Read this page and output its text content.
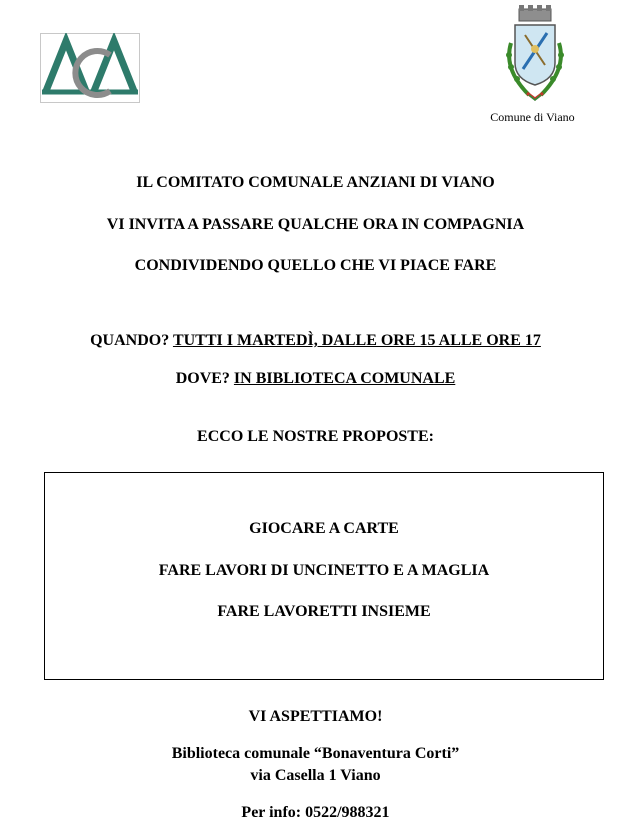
Comune di Viano
IL COMITATO COMUNALE ANZIANI DI VIANO
VI INVITA A PASSARE QUALCHE ORA IN COMPAGNIA
CONDIVIDENDO QUELLO CHE VI PIACE FARE
QUANDO? TUTTI I MARTEDÌ, DALLE ORE 15 ALLE ORE 17
DOVE? IN BIBLIOTECA COMUNALE
ECCO LE NOSTRE PROPOSTE:
GIOCARE A CARTE
FARE LAVORI DI UNCINETTO E A MAGLIA
FARE LAVORETTI INSIEME
VI ASPETTIAMO!
Biblioteca comunale “Bonaventura Corti”
via Casella 1 Viano
Per info: 0522/988321
